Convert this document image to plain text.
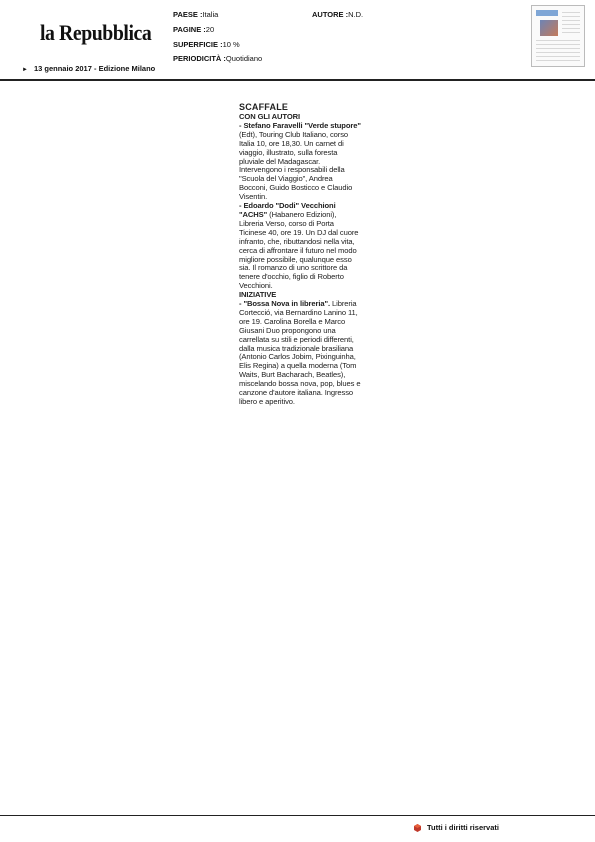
la Repubblica
PAESE :Italia	AUTORE :N.D.
PAGINE :20
SUPERFICIE :10 %
PERIODICITÀ :Quotidiano
► 13 gennaio 2017 - Edizione Milano
SCAFFALE
CON GLI AUTORI

- Stefano Faravelli "Verde stupore" (Edt), Touring Club Italiano, corso Italia 10, ore 18,30. Un carnet di viaggio, illustrato, sulla foresta pluviale del Madagascar. Intervengono i responsabili della "Scuola del Viaggio", Andrea Bocconi, Guido Bosticco e Claudio Visentin.

- Edoardo "Dodi" Vecchioni "ACHS" (Habanero Edizioni), Libreria Verso, corso di Porta Ticinese 40, ore 19. Un DJ dal cuore infranto, che, ributtandosi nella vita, cerca di affrontare il futuro nel modo migliore possibile, qualunque esso sia. Il romanzo di uno scrittore da tenere d'occhio, figlio di Roberto Vecchioni.

INIZIATIVE

- "Bossa Nova in libreria". Libreria Cortecció, via Bernardino Lanino 11, ore 19. Carolina Borella e Marco Giusani Duo propongono una carrellata su stili e periodi differenti, dalla musica tradizionale brasiliana (Antonio Carlos Jobim, Pixinguinha, Elis Regina) a quella moderna (Tom Waits, Burt Bacharach, Beatles), miscelando bossa nova, pop, blues e canzone d'autore italiana. Ingresso libero e aperitivo.

Tutti i diritti riservati
